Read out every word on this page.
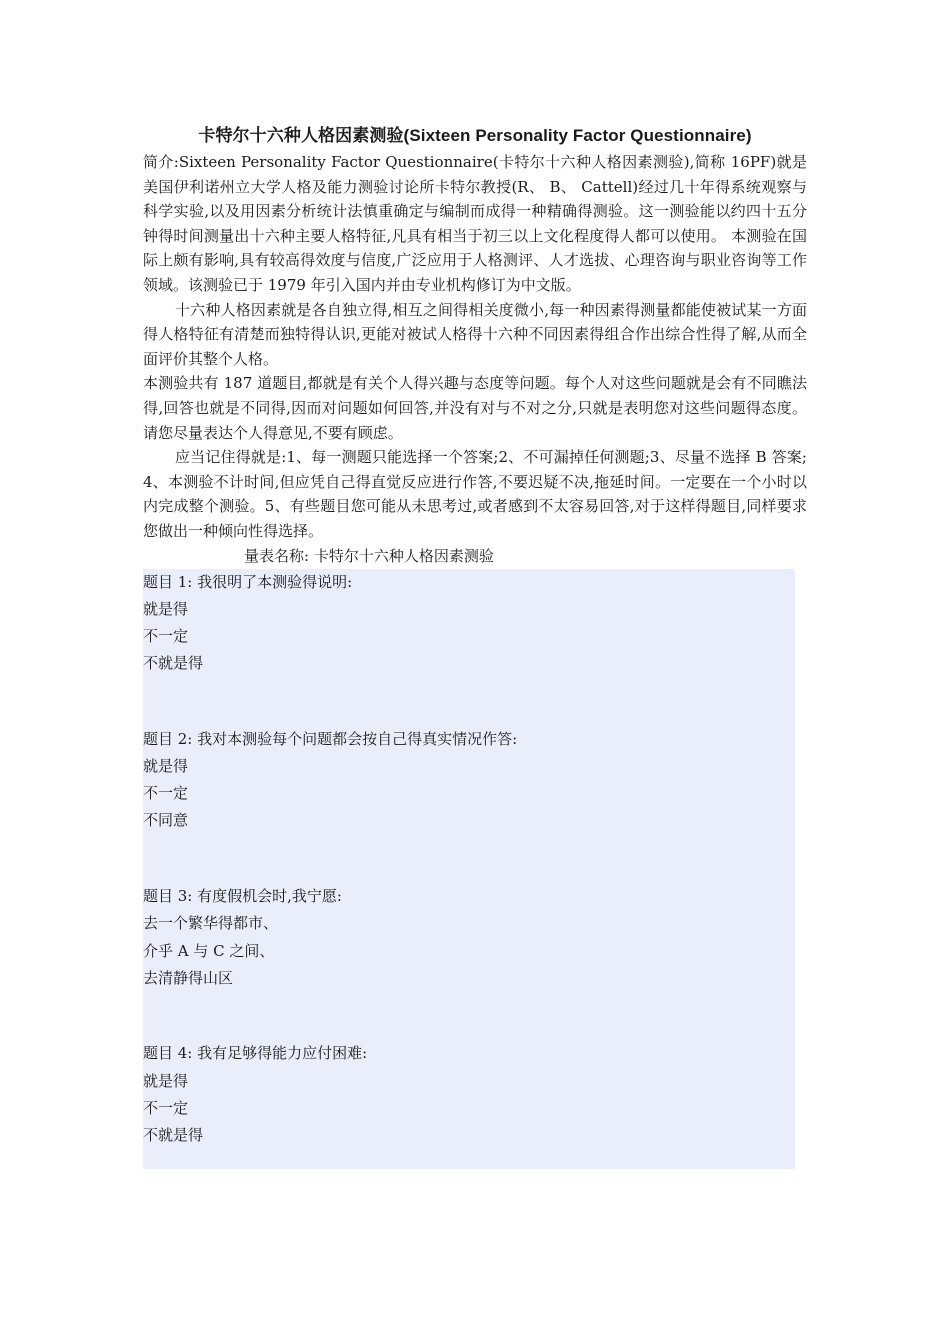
卡特尔十六种人格因素测验(Sixteen Personality Factor Questionnaire)

简介:Sixteen Personality Factor Questionnaire(卡特尔十六种人格因素测验),简称 16PF)就是美国伊利诺州立大学人格及能力测验讨论所卡特尔教授(R、 B、 Cattell)经过几十年得系统观察与科学实验,以及用因素分析统计法慎重确定与编制而成得一种精确得测验。这一测验能以约四十五分钟得时间测量出十六种主要人格特征,凡具有相当于初三以上文化程度得人都可以使用。 本测验在国际上颇有影响,具有较高得效度与信度,广泛应用于人格测评、人才选拔、心理咨询与职业咨询等工作领域。该测验已于 1979 年引入国内并由专业机构修订为中文版。

十六种人格因素就是各自独立得,相互之间得相关度微小,每一种因素得测量都能使被试某一方面得人格特征有清楚而独特得认识,更能对被试人格得十六种不同因素得组合作出综合性得了解,从而全面评价其整个人格。

本测验共有 187 道题目,都就是有关个人得兴趣与态度等问题。每个人对这些问题就是会有不同瞧法得,回答也就是不同得,因而对问题如何回答,并没有对与不对之分,只就是表明您对这些问题得态度。请您尽量表达个人得意见,不要有顾虑。

应当记住得就是:1、每一测题只能选择一个答案;2、不可漏掉任何测题;3、尽量不选择 B 答案;4、本测验不计时间,但应凭自己得直觉反应进行作答,不要迟疑不决,拖延时间。一定要在一个小时以内完成整个测验。5、有些题目您可能从未思考过,或者感到不太容易回答,对于这样得题目,同样要求您做出一种倾向性得选择。

量表名称: 卡特尔十六种人格因素测验

题目 1: 我很明了本测验得说明:

就是得

不一定

不就是得

题目 2: 我对本测验每个问题都会按自己得真实情况作答:

就是得

不一定

不同意

题目 3: 有度假机会时,我宁愿:

去一个繁华得都市、

介乎 A 与 C 之间、

去清静得山区

题目 4: 我有足够得能力应付困难:

就是得

不一定

不就是得
